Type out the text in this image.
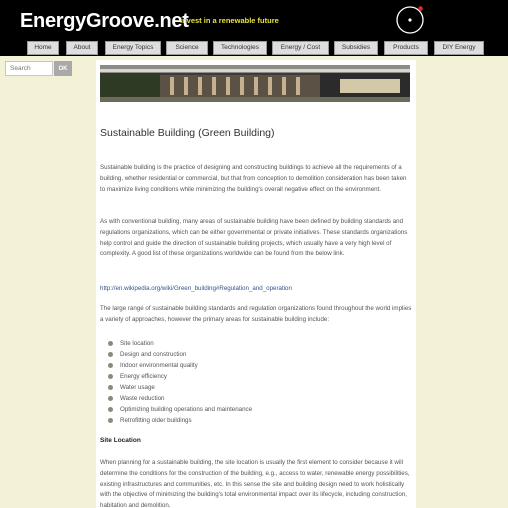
EnergyGroove.net
invest in a renewable future
Home	About	Energy Topics	Science	Technologies	Energy / Cost	Subsidies	Products	DIY Energy
Search
OK
Sustainable Building (Green Building)

Sustainable building is the practice of designing and constructing buildings to achieve all the requirements of a building, whether residential or commercial, but that from conception to demolition consideration has been taken to maximize living conditions while minimizing the building's overall negative effect on the environment.

As with conventional building, many areas of sustainable building have been defined by building standards and regulations organizations, which can be either governmental or private initiatives. These standards organizations help control and guide the direction of sustainable building projects, which usually have a very high level of complexity. A good list of these organizations worldwide can be found from the below link.

http://en.wikipedia.org/wiki/Green_building#Regulation_and_operation

The large range of sustainable building standards and regulation organizations found throughout the world implies a variety of approaches, however the primary areas for sustainable building include:

Site location
Design and construction
Indoor environmental quality
Energy efficiency
Water usage
Waste reduction
Optimizing building operations and maintenance
Retrofitting older buildings
Site Location

When planning for a sustainable building, the site location is usually the first element to consider because it will determine the conditions for the construction of the building, e.g., access to water, renewable energy possibilities, existing infrastructures and communities, etc. In this sense the site and building design need to work holistically with the objective of minimizing the building's total environmental impact over its lifecycle, including construction, habitation and demolition.
